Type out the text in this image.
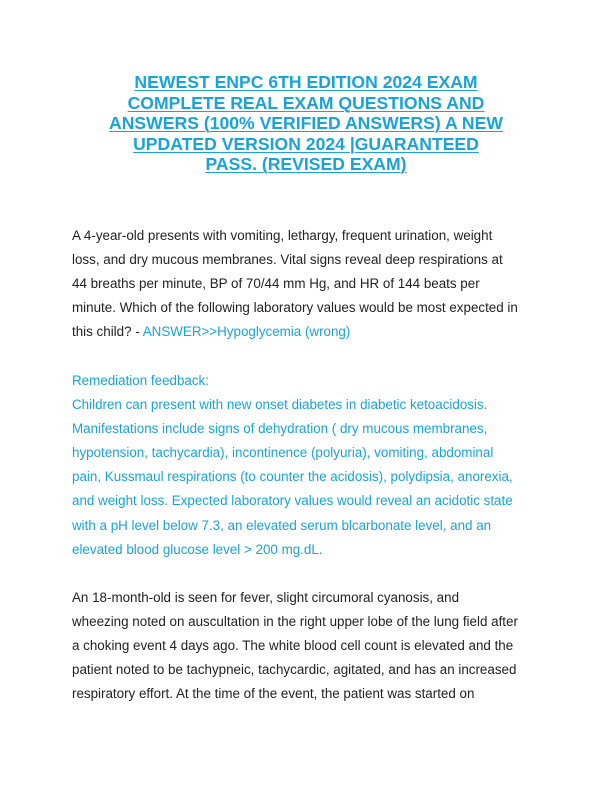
NEWEST ENPC 6TH EDITION 2024 EXAM
COMPLETE REAL EXAM QUESTIONS AND
ANSWERS (100% VERIFIED ANSWERS) A NEW
UPDATED VERSION 2024 |GUARANTEED
PASS. (REVISED EXAM)

A 4-year-old presents with vomiting, lethargy, frequent urination, weight
loss, and dry mucous membranes. Vital signs reveal deep respirations at
44 breaths per minute, BP of 70/44 mm Hg, and HR of 144 beats per
minute. Which of the following laboratory values would be most expected in
this child? - ANSWER>>Hypoglycemia (wrong)

Remediation feedback:
Children can present with new onset diabetes in diabetic ketoacidosis.
Manifestations include signs of dehydration ( dry mucous membranes,
hypotension, tachycardia), incontinence (polyuria), vomiting, abdominal
pain, Kussmaul respirations (to counter the acidosis), polydipsia, anorexia,
and weight loss. Expected laboratory values would reveal an acidotic state
with a pH level below 7.3, an elevated serum blcarbonate level, and an
elevated blood glucose level > 200 mg.dL.

An 18-month-old is seen for fever, slight circumoral cyanosis, and
wheezing noted on auscultation in the right upper lobe of the lung field after
a choking event 4 days ago. The white blood cell count is elevated and the
patient noted to be tachypneic, tachycardic, agitated, and has an increased
respiratory effort. At the time of the event, the patient was started on
